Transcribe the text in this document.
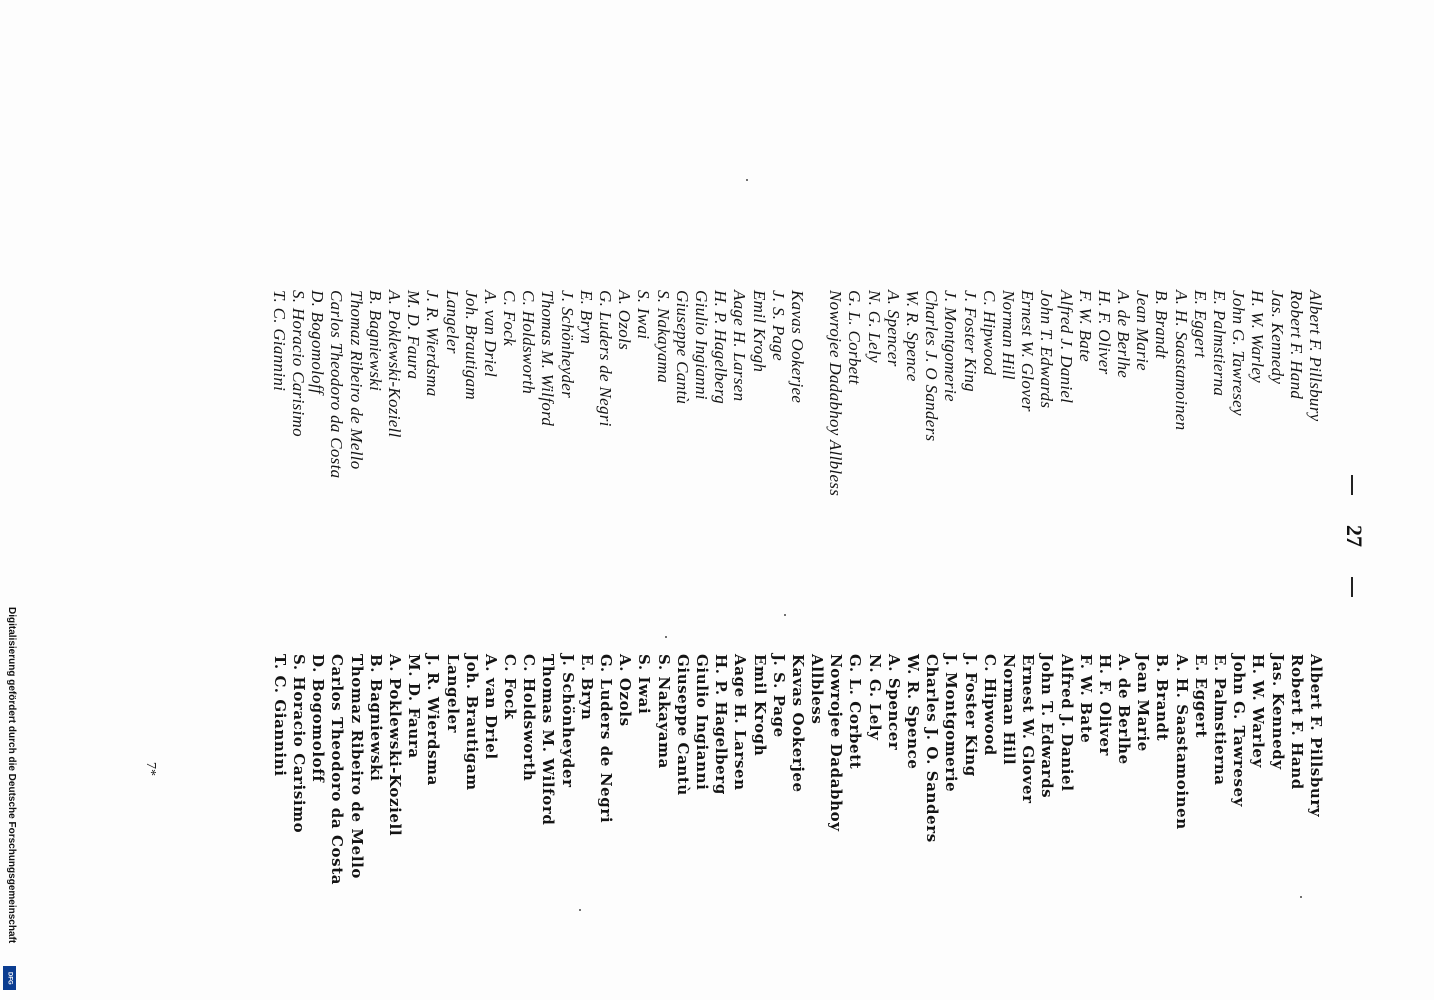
27
Albert F. Pillsbury
Robert F. Hand
Jas. Kennedy
H. W. Warley
John G. Tawresey
E. Palmstierna
E. Eggert
A. H. Saastamoinen
B. Brandt
Jean Marie
A. de Berlhe
H. F. Oliver
F. W. Bate
Alfred J. Daniel
John T. Edwards
Ernest W. Glover
Norman Hill
C. Hipwood
J. Foster King
J. Montgomerie
Charles J. O Sanders
W. R. Spence
A. Spencer
N. G. Lely
G. L. Corbett
Nowrojee Dadabhoy Allbless
Kavas Ookerjee
J. S. Page
Emil Krogh
Aage H. Larsen
H. P. Hagelberg
Giulio Ingianni
Giuseppe Cantù
S. Nakayama
S. Iwai
A. Ozols
G. Luders de Negri
E. Bryn
J. Schönheyder
Thomas M. Wilford
C. Holdsworth
C. Fock
A. van Driel
Joh. Brautigam
Langeler
J. R. Wierdsma
M. D. Faura
A. Poklewski-Koziell
B. Bagniewski
Thomaz Ribeiro de Mello
Carlos Theodoro da Costa
D. Bogomoloff
S. Horacio Carisimo
T. C. Giannini
Albert F. Pillsbury
Robert F. Hand
Jas. Kennedy
H. W. Warley
John G. Tawresey
E. Palmstierna
E. Eggert
A. H. Saastamoinen
B. Brandt
Jean Marie
A. de Berlhe
H. F. Oliver
F. W. Bate
Alfred J. Daniel
John T. Edwards
Ernest W. Glover
Norman Hill
C. Hipwood
J. Foster King
J. Montgomerie
Charles J. O. Sanders
W. R. Spence
A. Spencer
N. G. Lely
G. L. Corbett
Nowrojee Dadabhoy
Allbless
Kavas Ookerjee
J. S. Page
Emil Krogh
Aage H. Larsen
H. P. Hagelberg
Giulio Ingianni
Giuseppe Cantù
S. Nakayama
S. Iwai
A. Ozols
G. Luders de Negri
E. Bryn
J. Schönheyder
Thomas M. Wilford
C. Holdsworth
C. Fock
A. van Driel
Joh. Brautigam
Langeler
J. R. Wierdsma
M. D. Faura
A. Poklewski-Koziell
B. Bagniewski
Thomaz Ribeiro de Mello
Carlos Theodoro da Costa
D. Bogomoloff
S. Horacio Carisimo
T. C. Giannini
7*
Digitalisierung gefördert durch die Deutsche Forschungsgemeinschaft
DFG
